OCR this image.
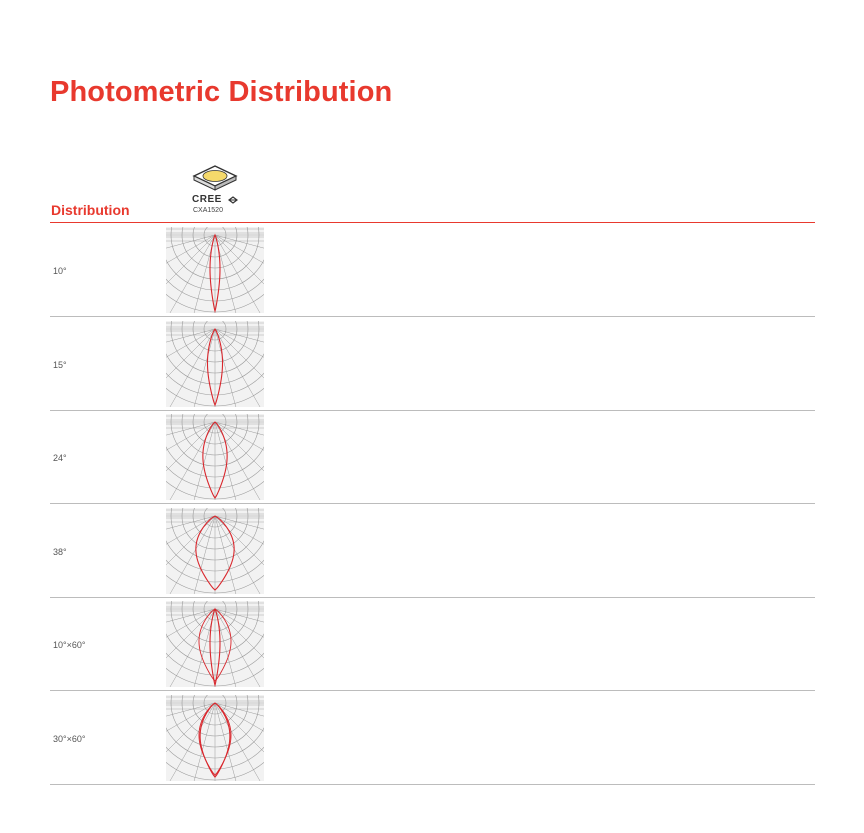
Photometric Distribution
CREE
CXA1520
Distribution
10°
15°
24°
38°
10°×60°
30°×60°
